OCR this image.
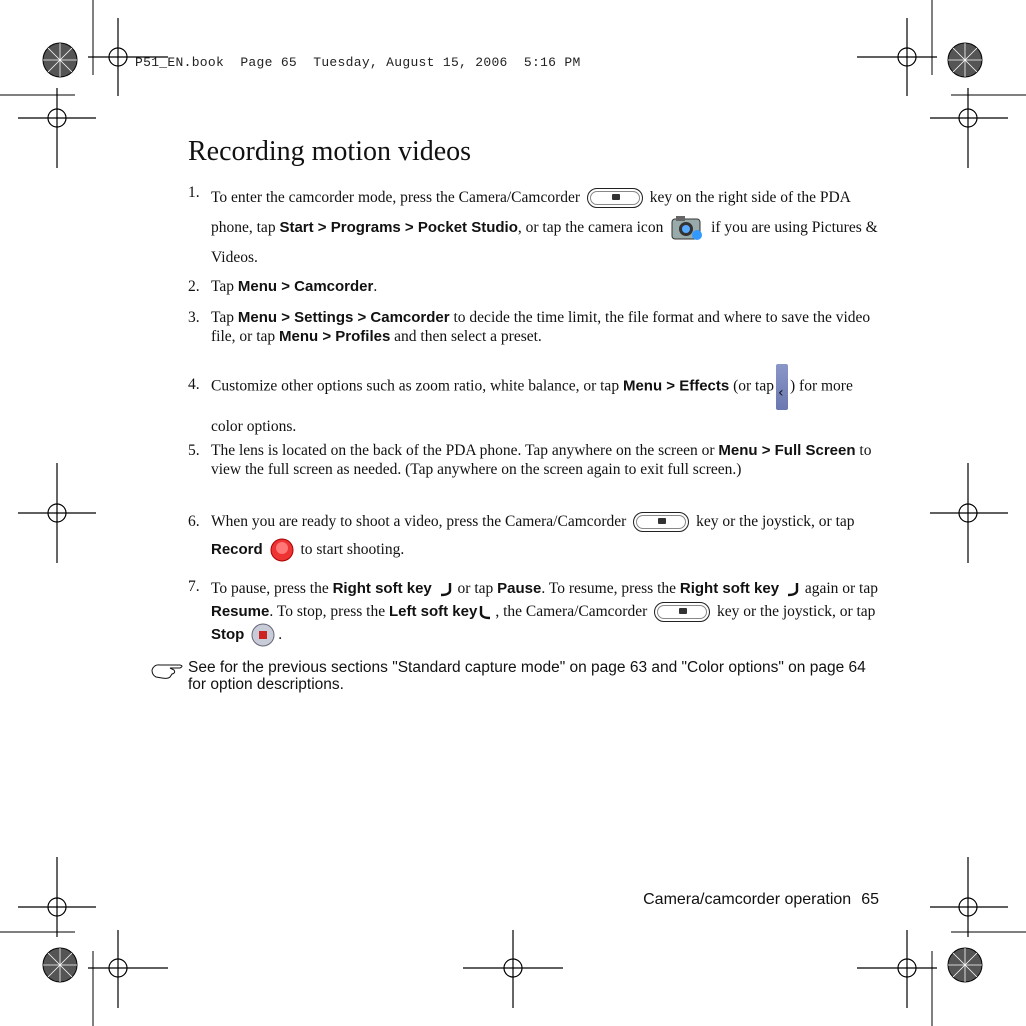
P51_EN.book  Page 65  Tuesday, August 15, 2006  5:16 PM
Recording motion videos
1. To enter the camcorder mode, press the Camera/Camcorder	key on the right side of the PDA phone, tap Start > Programs > Pocket Studio, or tap the camera icon	if you are using Pictures & Videos.
2. Tap Menu > Camcorder.
3. Tap Menu > Settings > Camcorder to decide the time limit, the file format and where to save the video file, or tap Menu > Profiles and then select a preset.
4. Customize other options such as zoom ratio, white balance, or tap Menu > Effects (or tap‹ ) for more color options.
5. The lens is located on the back of the PDA phone. Tap anywhere on the screen or Menu > Full Screen to view the full screen as needed. (Tap anywhere on the screen again to exit full screen.)
6. When you are ready to shoot a video, press the Camera/Camcorder	key or the joystick, or tap Record to start shooting.
7. To pause, press the Right soft key or tap Pause. To resume, press the Right soft key again or tap Resume. To stop, press the Left soft key , the Camera/Camcorder	key or the joystick, or tap Stop .
See for the previous sections "Standard capture mode" on page 63 and "Color options" on page 64 for option descriptions.
Camera/camcorder operation 65
